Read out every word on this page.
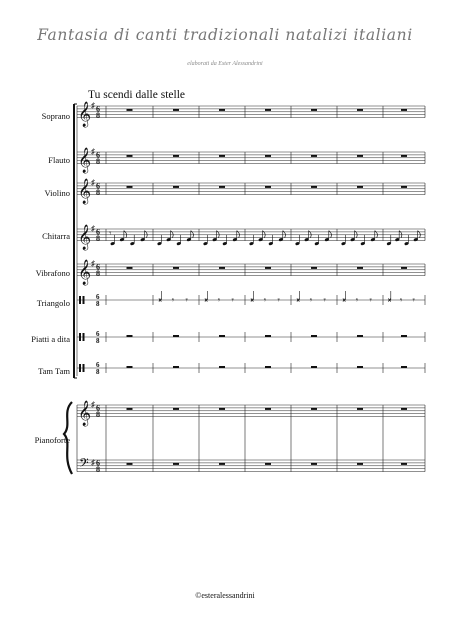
Fantasia di canti tradizionali natalizi italiani
elaborati da Ester Alessandrini
Tu scendi dalle stelle
Soprano
Flauto
Violino
Chitarra
Vibrafono
Triangolo
Piatti a dita
Tam Tam
Pianoforte
𝄞 ♯ 6
8
𝄞 ♯ 6
8
𝄞 ♯ 6
8
𝄞 ♯ 6
8
𝄞 ♯ 6
8
𝄾
6
8
6
8
6
8
𝄾 𝄾	𝄾 𝄾	𝄾 𝄾	𝄾 𝄾	𝄾 𝄾	𝄾 𝄾
𝄞
𝄢
♯
♯
6
8
6
8
©esteralessandrini
